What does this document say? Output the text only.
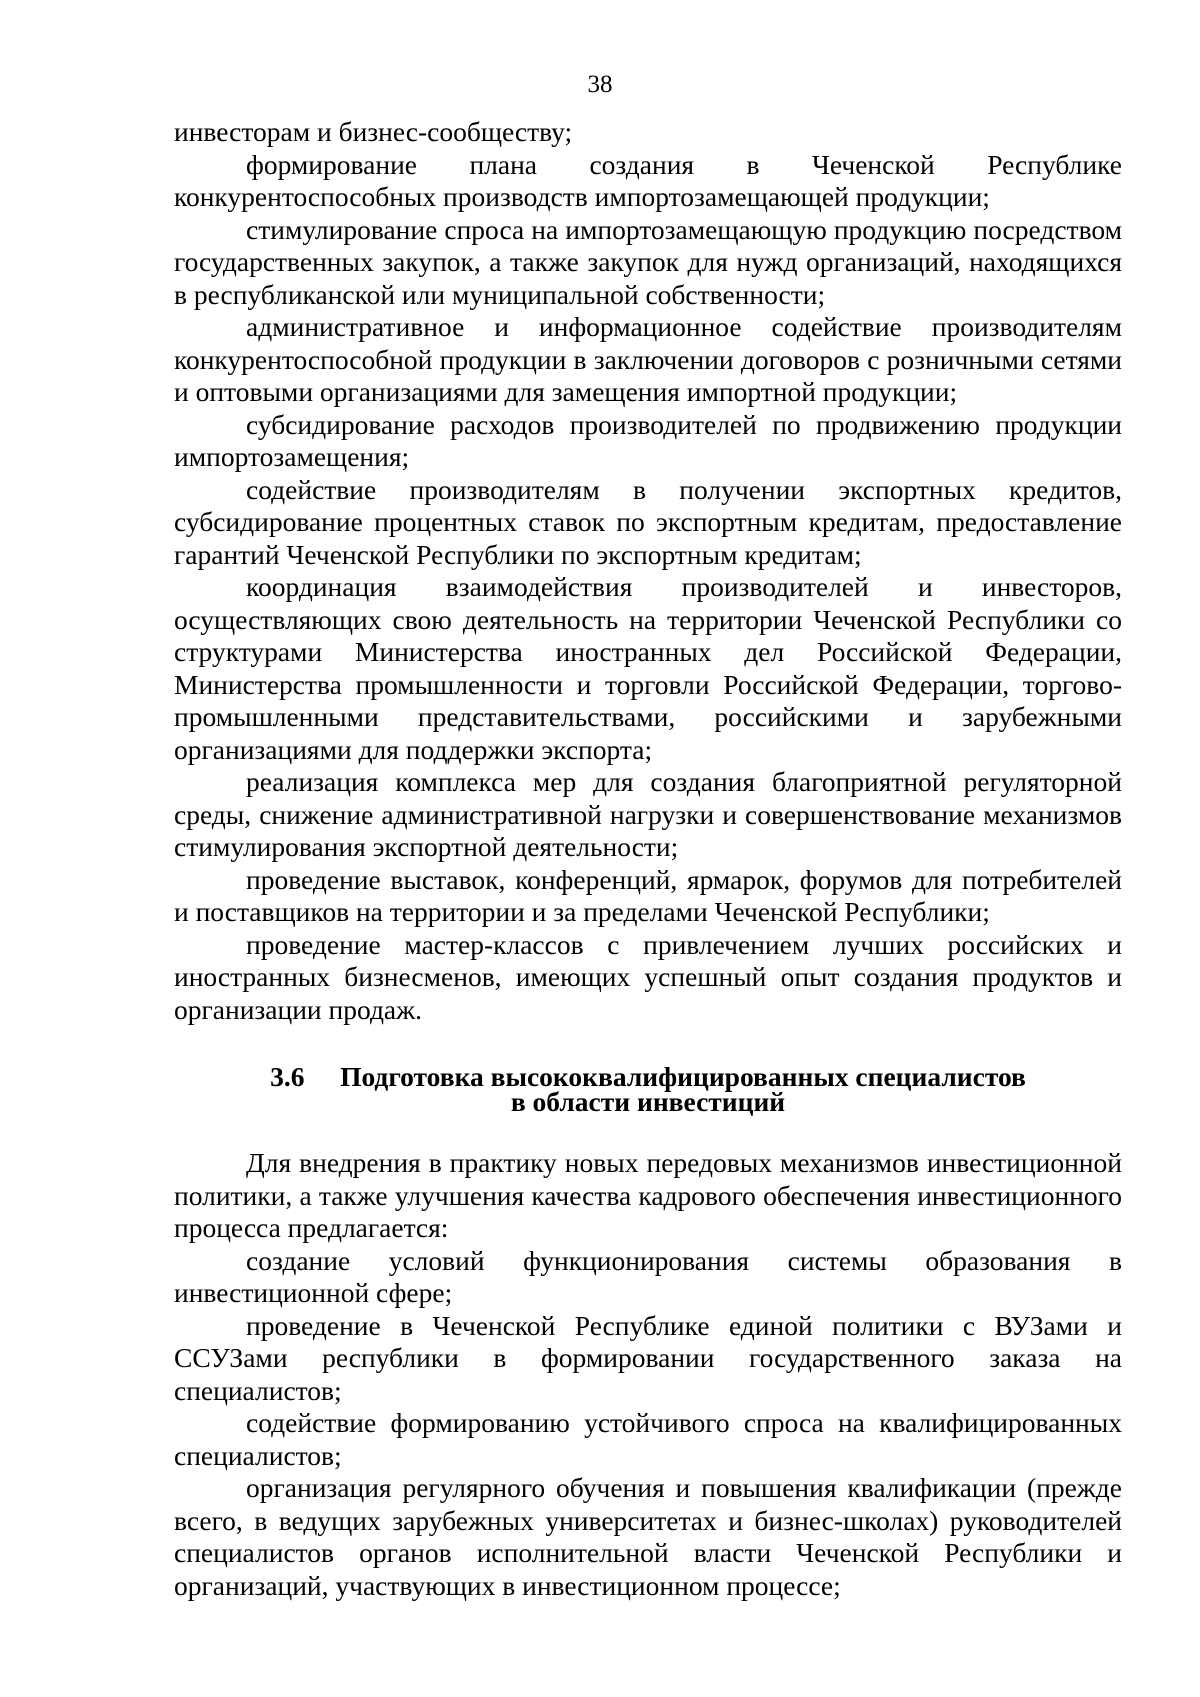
38

инвесторам и бизнес-сообществу;

формирование плана создания в Чеченской Республике конкурентоспособных производств импортозамещающей продукции;

стимулирование спроса на импортозамещающую продукцию посредством государственных закупок, а также закупок для нужд организаций, находящихся в республиканской или муниципальной собственности;

административное и информационное содействие производителям конкурентоспособной продукции в заключении договоров с розничными сетями и оптовыми организациями для замещения импортной продукции;

субсидирование расходов производителей по продвижению продукции импортозамещения;

содействие производителям в получении экспортных кредитов, субсидирование процентных ставок по экспортным кредитам, предоставление гарантий Чеченской Республики по экспортным кредитам;

координация взаимодействия производителей и инвесторов, осуществляющих свою деятельность на территории Чеченской Республики со структурами Министерства иностранных дел Российской Федерации, Министерства промышленности и торговли Российской Федерации, торгово-промышленными представительствами, российскими и зарубежными организациями для поддержки экспорта;

реализация комплекса мер для создания благоприятной регуляторной среды, снижение административной нагрузки и совершенствование механизмов стимулирования экспортной деятельности;

проведение выставок, конференций, ярмарок, форумов для потребителей и поставщиков на территории и за пределами Чеченской Республики;

проведение мастер-классов с привлечением лучших российских и иностранных бизнесменов, имеющих успешный опыт создания продуктов и организации продаж.

3.6 Подготовка высококвалифицированных специалистов
в области инвестиций

Для внедрения в практику новых передовых механизмов инвестиционной политики, а также улучшения качества кадрового обеспечения инвестиционного процесса предлагается:

создание условий функционирования системы образования в инвестиционной сфере;

проведение в Чеченской Республике единой политики с ВУЗами и ССУЗами республики в формировании государственного заказа на специалистов;

содействие формированию устойчивого спроса на квалифицированных специалистов;

организация регулярного обучения и повышения квалификации (прежде всего, в ведущих зарубежных университетах и бизнес-школах) руководителей специалистов органов исполнительной власти Чеченской Республики и организаций, участвующих в инвестиционном процессе;
